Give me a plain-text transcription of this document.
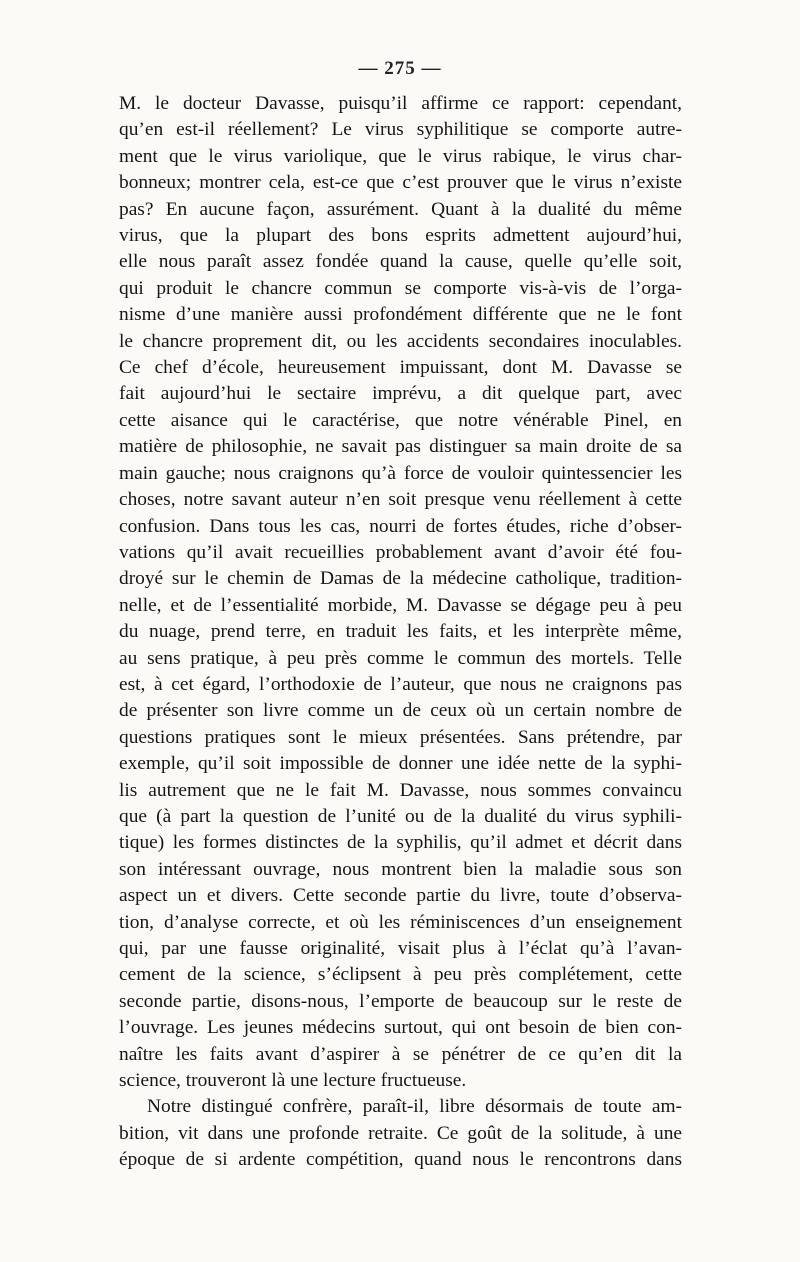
— 275 —
M. le docteur Davasse, puisqu’il affirme ce rapport: cependant,
qu’en est-il réellement? Le virus syphilitique se comporte autre-
ment que le virus variolique, que le virus rabique, le virus char-
bonneux; montrer cela, est-ce que c’est prouver que le virus n’existe
pas? En aucune façon, assurément. Quant à la dualité du même
virus, que la plupart des bons esprits admettent aujourd’hui,
elle nous paraît assez fondée quand la cause, quelle qu’elle soit,
qui produit le chancre commun se comporte vis-à-vis de l’orga-
nisme d’une manière aussi profondément différente que ne le font
le chancre proprement dit, ou les accidents secondaires inoculables.
Ce chef d’école, heureusement impuissant, dont M. Davasse se
fait aujourd’hui le sectaire imprévu, a dit quelque part, avec
cette aisance qui le caractérise, que notre vénérable Pinel, en
matière de philosophie, ne savait pas distinguer sa main droite de sa
main gauche; nous craignons qu’à force de vouloir quintessencier les
choses, notre savant auteur n’en soit presque venu réellement à cette
confusion. Dans tous les cas, nourri de fortes études, riche d’obser-
vations qu’il avait recueillies probablement avant d’avoir été fou-
droyé sur le chemin de Damas de la médecine catholique, tradition-
nelle, et de l’essentialité morbide, M. Davasse se dégage peu à peu
du nuage, prend terre, en traduit les faits, et les interprète même,
au sens pratique, à peu près comme le commun des mortels. Telle
est, à cet égard, l’orthodoxie de l’auteur, que nous ne craignons pas
de présenter son livre comme un de ceux où un certain nombre de
questions pratiques sont le mieux présentées. Sans prétendre, par
exemple, qu’il soit impossible de donner une idée nette de la syphi-
lis autrement que ne le fait M. Davasse, nous sommes convaincu
que (à part la question de l’unité ou de la dualité du virus syphili-
tique) les formes distinctes de la syphilis, qu’il admet et décrit dans
son intéressant ouvrage, nous montrent bien la maladie sous son
aspect un et divers. Cette seconde partie du livre, toute d’observa-
tion, d’analyse correcte, et où les réminiscences d’un enseignement
qui, par une fausse originalité, visait plus à l’éclat qu’à l’avan-
cement de la science, s’éclipsent à peu près complétement, cette
seconde partie, disons-nous, l’emporte de beaucoup sur le reste de
l’ouvrage. Les jeunes médecins surtout, qui ont besoin de bien con-
naître les faits avant d’aspirer à se pénétrer de ce qu’en dit la
science, trouveront là une lecture fructueuse.
Notre distingué confrère, paraît-il, libre désormais de toute am-
bition, vit dans une profonde retraite. Ce goût de la solitude, à une
époque de si ardente compétition, quand nous le rencontrons dans
